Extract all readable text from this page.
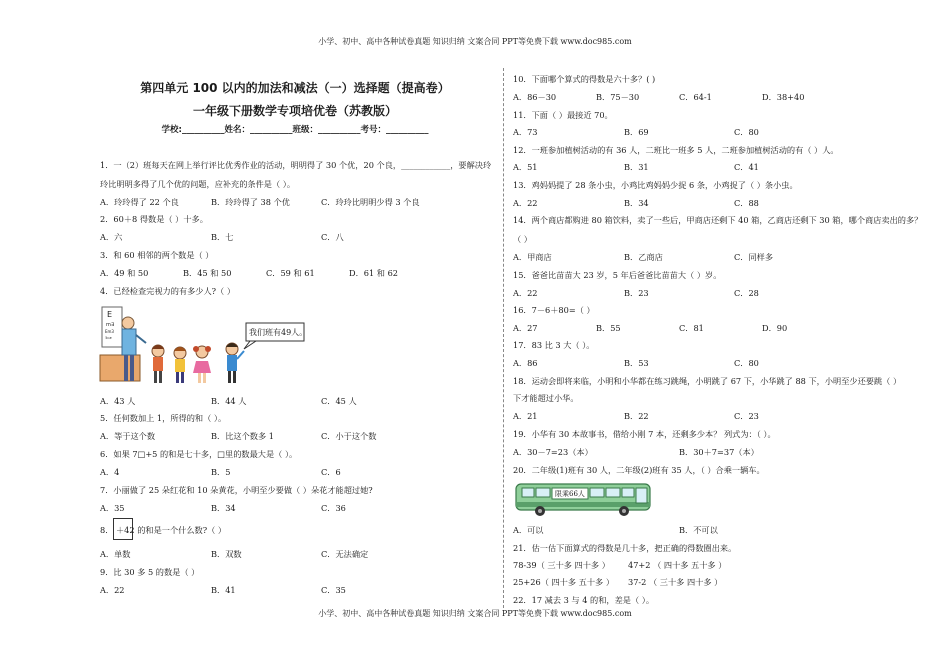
小学、初中、高中各种试卷真题 知识归纳 文案合同 PPT等免费下载 www.doc985.com
第四单元 100 以内的加法和减法（一）选择题（提高卷）
一年级下册数学专项培优卷（苏教版）
学校:__________姓名：__________班级：__________考号：__________
1．一（2）班每天在网上举行评比优秀作业的活动，明明得了 30 个优，20 个良，____________，要解决玲
玲比明明多得了几个优的问题，应补充的条件是（ ）。
A．玲玲得了 22 个良	B．玲玲得了 38 个优	C．玲玲比明明少得 3 个良
2．60＋8 得数是（ ）十多。
A．六	B．七	C．八
3．和 60 相邻的两个数是（ ）
A．49 和 50	B．45 和 50	C．59 和 61	D．61 和 62
4．已经检查完视力的有多少人?（ ）
E
m∃
Em3
∃mE
我们班有49人。
A．43 人	B．44 人	C．45 人
5．任何数加上 1，所得的和（ ）。
A．等于这个数	B．比这个数多 1	C．小于这个数
6．如果 7□+5 的和是七十多，□里的数最大是（ ）。
A．4	B．5	C．6
7．小丽做了 25 朵红花和 10 朵黄花，小明至少要做（ ）朵花才能超过她?
A．35	B．34	C．36
8． ＋42 的和是一个什么数?（ ）
A．单数	B．双数	C．无法确定
9．比 30 多 5 的数是（ ）
A．22	B．41	C．35
10．下面哪个算式的得数是六十多？( )
A．86－30	B．75－30	C．64-1	D．38+40
11．下面（ ）最接近 70。
A．73	B．69	C．80
12．一班参加植树活动的有 36 人，二班比一班多 5 人，二班参加植树活动的有（ ）人。
A．51	B．31	C．41
13．鸡妈妈提了 28 条小虫，小鸡比鸡妈妈少捉 6 条，小鸡捉了（ ）条小虫。
A．22	B．34	C．88
14．两个商店都购进 80 箱饮料，卖了一些后，甲商店还剩下 40 箱，乙商店还剩下 30 箱，哪个商店卖出的多？
（ ）
A．甲商店	B．乙商店	C．同样多
15．爸爸比苗苗大 23 岁，5 年后爸爸比苗苗大（ ）岁。
A．22	B．23	C．28
16．7－6＋80=（ ）
A．27	B．55	C．81	D．90
17．83 比 3 大（ ）。
A．86	B．53	C．80
18．运动会即将来临，小明和小华都在练习跳绳，小明跳了 67 下，小华跳了 88 下，小明至少还要跳（ ）
下才能超过小华。
A．21	B．22	C．23
19．小华有 30 本故事书，借给小刚 7 本，还剩多少本？ 列式为：（ ）。
A．30－7=23（本）	B．30＋7=37（本）
20．二年级(1)班有 30 人，二年级(2)班有 35 人，（ ）合乘一辆车。
限乘66人
A．可以	B．不可以
21．估一估下面算式的得数是几十多，把正确的得数圈出来。
78-39（ 三十多 四十多 ） 47+2 （ 四十多 五十多 ）
25+26（ 四十多 五十多 ） 37-2 （ 三十多 四十多 ）
22．17 减去 3 与 4 的和，差是（ ）。
小学、初中、高中各种试卷真题 知识归纳 文案合同 PPT等免费下载 www.doc985.com
